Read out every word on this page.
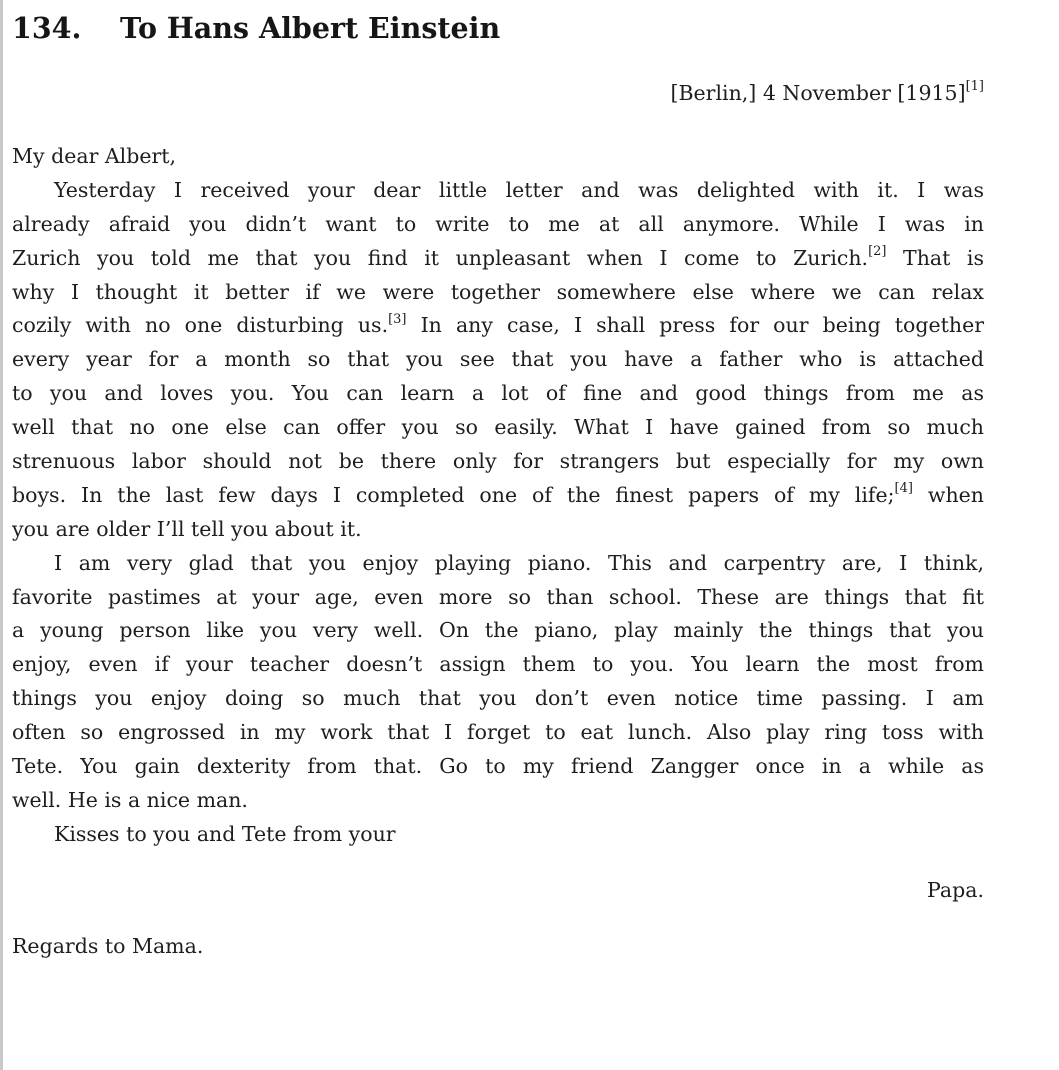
134. To Hans Albert Einstein
[Berlin,] 4 November [1915][1]
My dear Albert,
Yesterday I received your dear little letter and was delighted with it. I was
already afraid you didn’t want to write to me at all anymore. While I was in
Zurich you told me that you find it unpleasant when I come to Zurich.[2] That is
why I thought it better if we were together somewhere else where we can relax
cozily with no one disturbing us.[3] In any case, I shall press for our being together
every year for a month so that you see that you have a father who is attached
to you and loves you. You can learn a lot of fine and good things from me as
well that no one else can offer you so easily. What I have gained from so much
strenuous labor should not be there only for strangers but especially for my own
boys. In the last few days I completed one of the finest papers of my life;[4] when
you are older I’ll tell you about it.
I am very glad that you enjoy playing piano. This and carpentry are, I think,
favorite pastimes at your age, even more so than school. These are things that fit
a young person like you very well. On the piano, play mainly the things that you
enjoy, even if your teacher doesn’t assign them to you. You learn the most from
things you enjoy doing so much that you don’t even notice time passing. I am
often so engrossed in my work that I forget to eat lunch. Also play ring toss with
Tete. You gain dexterity from that. Go to my friend Zangger once in a while as
well. He is a nice man.
Kisses to you and Tete from your
Papa.
Regards to Mama.
